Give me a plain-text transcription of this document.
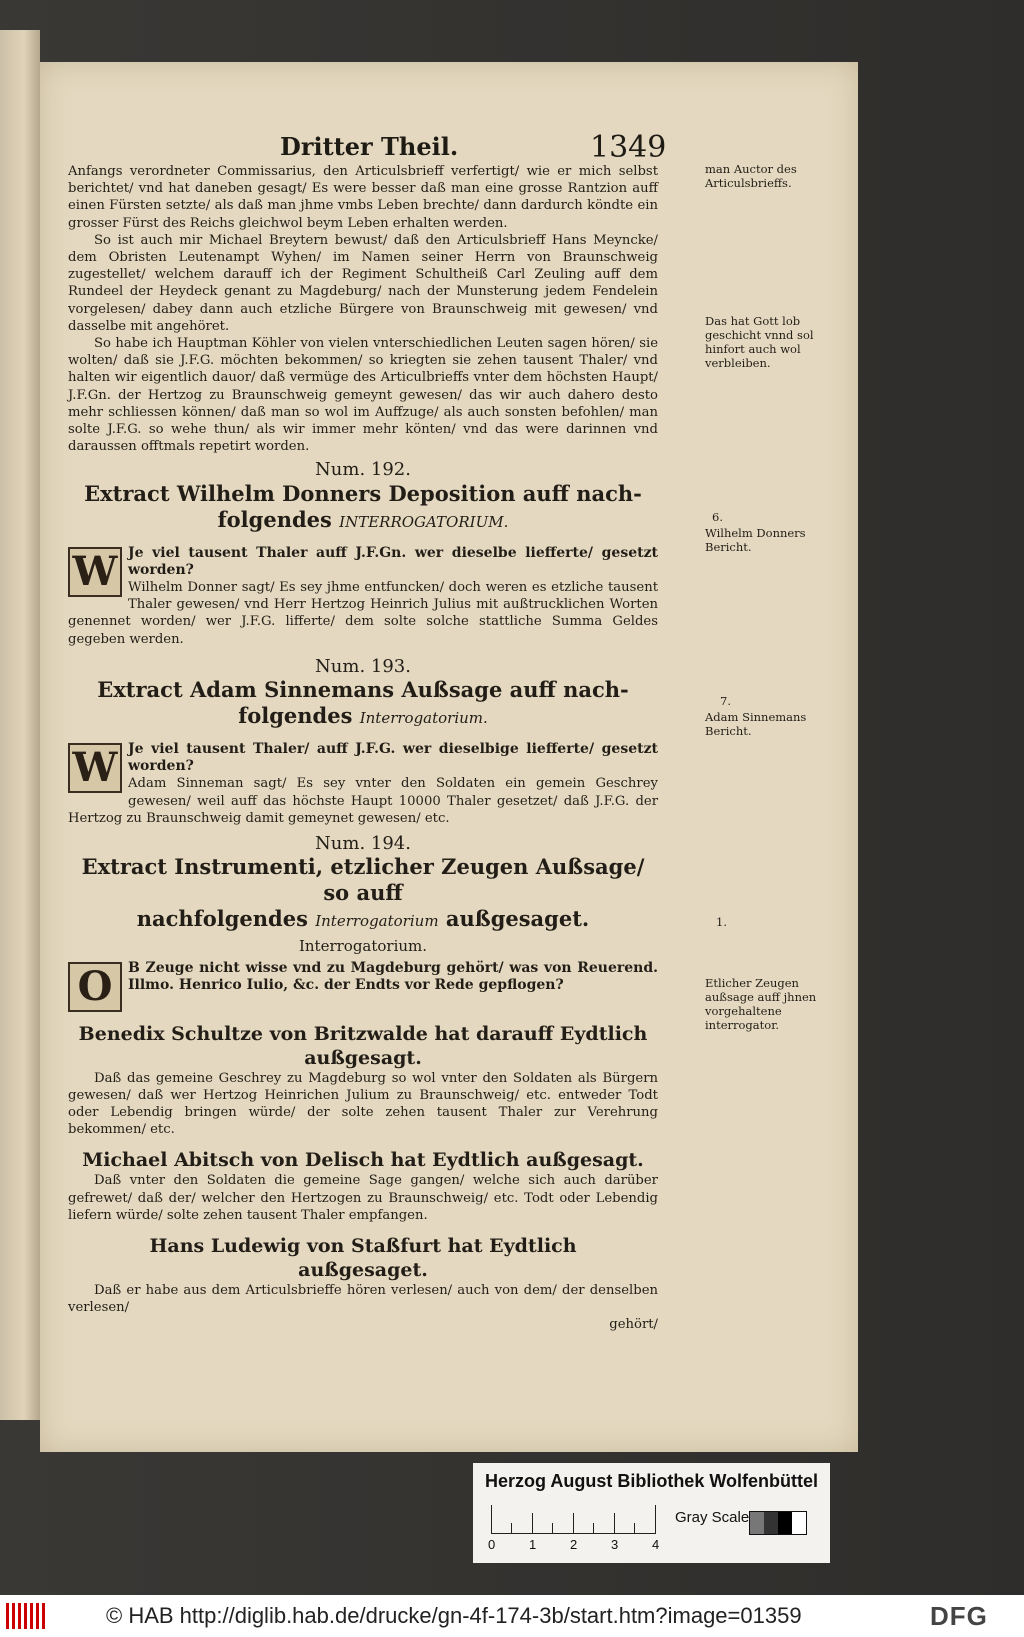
Dritter Theil.	1349

Anfangs verordneter Commissarius, den Articulsbrieff verfertigt/ wie er mich selbst berichtet/ vnd hat daneben gesagt/ Es were besser daß man eine grosse Rantzion auff einen Fürsten setzte/ als daß man jhme vmbs Leben brechte/ dann dardurch köndte ein grosser Fürst des Reichs gleichwol beym Leben erhalten werden.

So ist auch mir Michael Breytern bewust/ daß den Articulsbrieff Hans Meyncke/ dem Obristen Leutenampt Wyhen/ im Namen seiner Herrn von Braunschweig zugestellet/ welchem darauff ich der Regiment Schultheiß Carl Zeuling auff dem Rundeel der Heydeck genant zu Magdeburg/ nach der Munsterung jedem Fendelein vorgelesen/ dabey dann auch etzliche Bürgere von Braunschweig mit gewesen/ vnd dasselbe mit angehöret.

So habe ich Hauptman Köhler von vielen vnterschiedlichen Leuten sagen hören/ sie wolten/ daß sie J.F.G. möchten bekommen/ so kriegten sie zehen tausent Thaler/ vnd halten wir eigentlich dauor/ daß vermüge des Articulbrieffs vnter dem höchsten Haupt/ J.F.Gn. der Hertzog zu Braunschweig gemeynt gewesen/ das wir auch dahero desto mehr schliessen können/ daß man so wol im Auffzuge/ als auch sonsten befohlen/ man solte J.F.G. so wehe thun/ als wir immer mehr könten/ vnd das were darinnen vnd daraussen offtmals repetirt worden.

Num. 192.
Extract Wilhelm Donners Deposition auff nach-
folgendes INTERROGATORIUM.
W Je viel tausent Thaler auff J.F.Gn. wer dieselbe liefferte/ gesetzt worden?
Wilhelm Donner sagt/ Es sey jhme entfuncken/ doch weren es etzliche tausent Thaler gewesen/ vnd Herr Hertzog Heinrich Julius mit außtrucklichen Worten genennet worden/ wer J.F.G. lifferte/ dem solte solche stattliche Summa Geldes gegeben werden.
Num. 193.
Extract Adam Sinnemans Außsage auff nach-
folgendes Interrogatorium.
W Je viel tausent Thaler/ auff J.F.G. wer dieselbige liefferte/ gesetzt worden?
Adam Sinneman sagt/ Es sey vnter den Soldaten ein gemein Geschrey gewesen/ weil auff das höchste Haupt 10000 Thaler gesetzet/ daß J.F.G. der Hertzog zu Braunschweig damit gemeynet gewesen/ etc.
Num. 194.
Extract Instrumenti, etzlicher Zeugen Außsage/ so auff
nachfolgendes Interrogatorium außgesaget.
Interrogatorium.
O	B Zeuge nicht wisse vnd zu Magdeburg gehört/ was von Reuerend. Illmo. Henrico Iulio, &c. der Endts vor Rede gepflogen?
Benedix Schultze von Britzwalde hat darauff Eydtlich außgesagt.

Daß das gemeine Geschrey zu Magdeburg so wol vnter den Soldaten als Bürgern gewesen/ daß wer Hertzog Heinrichen Julium zu Braunschweig/ etc. entweder Todt oder Lebendig bringen würde/ der solte zehen tausent Thaler zur Verehrung bekommen/ etc.

Michael Abitsch von Delisch hat Eydtlich außgesagt.

Daß vnter den Soldaten die gemeine Sage gangen/ welche sich auch darüber gefrewet/ daß der/ welcher den Hertzogen zu Braunschweig/ etc. Todt oder Lebendig liefern würde/ solte zehen tausent Thaler empfangen.

Hans Ludewig von Staßfurt hat Eydtlich
außgesaget.

Daß er habe aus dem Articulsbrieffe hören verlesen/ auch von dem/ der denselben verlesen/

gehört/

man Auctor des Articulsbrieffs.
Das hat Gott lob geschicht vnnd sol hinfort auch wol verbleiben.
6.
Wilhelm Donners Bericht.
7.
Adam Sinnemans Bericht.
1.
Etlicher Zeugen außsage auff jhnen vorgehaltene interrogator.
Herzog August Bibliothek Wolfenbüttel
0	1	2	3	4
Gray Scale
© HAB http://diglib.hab.de/drucke/gn-4f-174-3b/start.htm?image=01359	DFG
